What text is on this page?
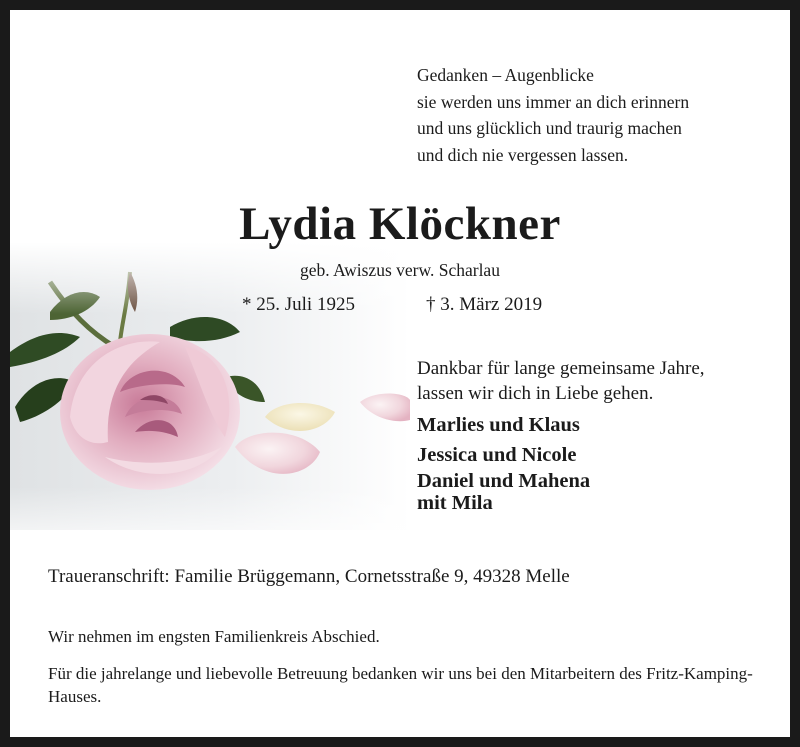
Gedanken – Augenblicke
sie werden uns immer an dich erinnern
und uns glücklich und traurig machen
und dich nie vergessen lassen.
Lydia Klöckner
geb. Awiszus verw. Scharlau
* 25. Juli 1925	† 3. März 2019
Dankbar für lange gemeinsame Jahre,
lassen wir dich in Liebe gehen.
Marlies und Klaus
Jessica und Nicole
Daniel und Mahena
mit Mila
Traueranschrift: Familie Brüggemann, Cornetsstraße 9, 49328 Melle
Wir nehmen im engsten Familienkreis Abschied.
Für die jahrelange und liebevolle Betreuung bedanken wir uns bei den Mitarbeitern des Fritz-Kamping-Hauses.
